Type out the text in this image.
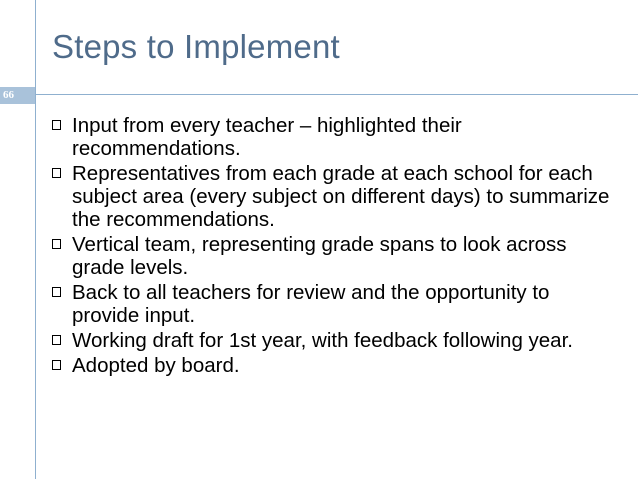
66
Steps to Implement
Input from every teacher – highlighted their recommendations.
Representatives from each grade at each school for each subject area (every subject on different days) to summarize the recommendations.
Vertical team, representing grade spans to look across grade levels.
Back to all teachers for review and the opportunity to provide input.
Working draft for 1st year, with feedback following year.
Adopted by board.
